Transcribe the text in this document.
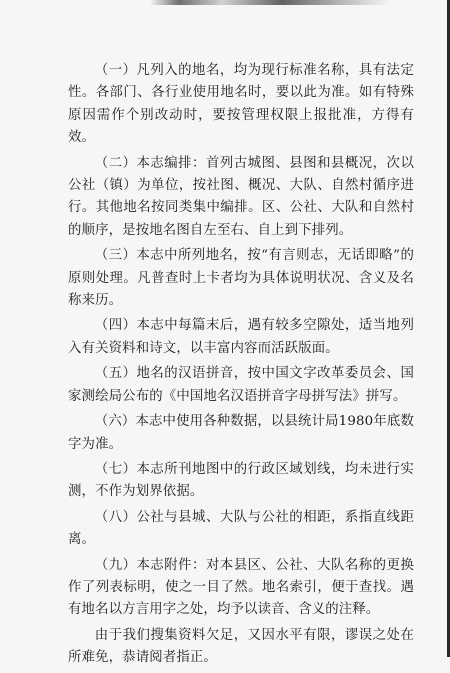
（一）凡列入的地名，均为现行标准名称，具有法定性。各部门、各行业使用地名时，要以此为准。如有特殊原因需作个别改动时，要按管理权限上报批准，方得有效。

（二）本志编排：首列古城图、县图和县概况，次以公社（镇）为单位，按社图、概况、大队、自然村循序进行。其他地名按同类集中编排。区、公社、大队和自然村的顺序，是按地名图自左至右、自上到下排列。

（三）本志中所列地名，按“有言则志，无话即略”的原则处理。凡普查时上卡者均为具体说明状况、含义及名称来历。

（四）本志中每篇末后，遇有较多空隙处，适当地列入有关资料和诗文，以丰富内容而活跃版面。

（五）地名的汉语拼音，按中国文字改革委员会、国家测绘局公布的《中国地名汉语拼音字母拼写法》拼写。

（六）本志中使用各种数据，以县统计局1980年底数字为准。

（七）本志所刊地图中的行政区域划线，均未进行实测，不作为划界依据。

（八）公社与县城、大队与公社的相距，系指直线距离。

（九）本志附件：对本县区、公社、大队名称的更换作了列表标明，使之一目了然。地名索引，便于查找。遇有地名以方言用字之处，均予以读音、含义的注释。

由于我们搜集资料欠足，又因水平有限，谬误之处在所难免，恭请阅者指正。
